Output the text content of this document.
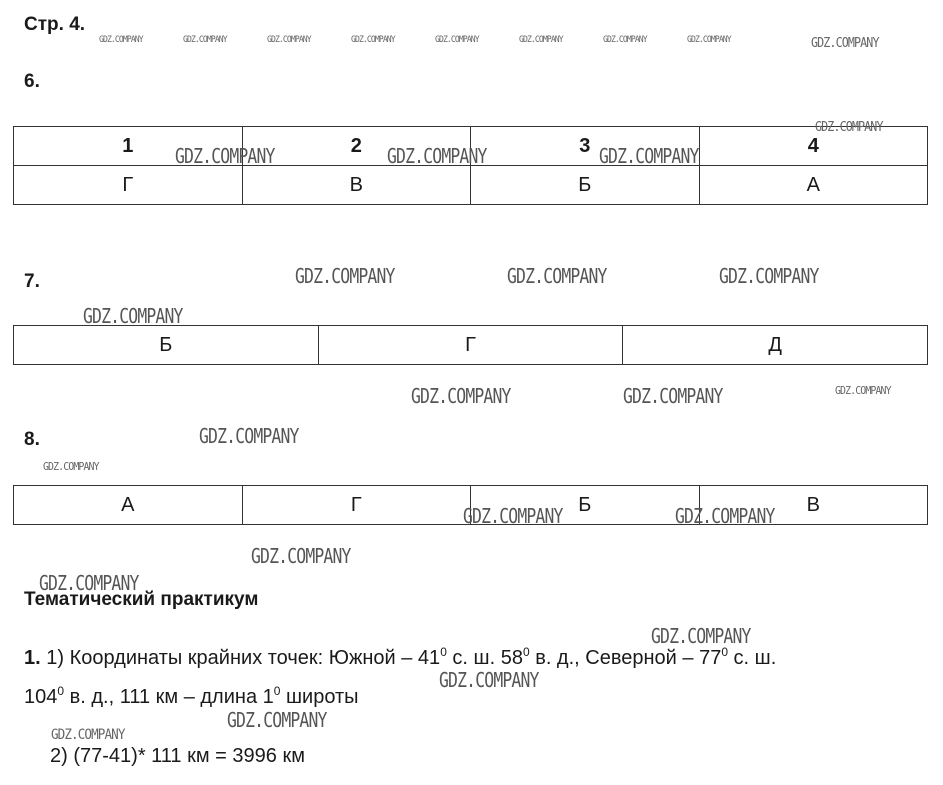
Стр. 4.
6.
1	2	3	4
Г	В	Б	А
7.
Б	Г	Д
8.
А	Г	Б	В
Тематический практикум
1. 1) Координаты крайних точек: Южной – $41^0$ с. ш. $58^0$ в. д., Северной – $77^0$ с. ш.
$104^0$ в. д., 111 км – длина $1^0$ широты
2) (77-41)* 111 км = 3996 км
GDZ.COMPANY	GDZ.COMPANY	GDZ.COMPANY	GDZ.COMPANY	GDZ.COMPANY	GDZ.COMPANY	GDZ.COMPANY	GDZ.COMPANY	GDZ.COMPANY
GDZ.COMPANY
GDZ.COMPANY	GDZ.COMPANY	GDZ.COMPANY
GDZ.COMPANY	GDZ.COMPANY	GDZ.COMPANY
GDZ.COMPANY
GDZ.COMPANY	GDZ.COMPANY	GDZ.COMPANY
GDZ.COMPANY
GDZ.COMPANY
GDZ.COMPANY	GDZ.COMPANY
GDZ.COMPANY
GDZ.COMPANY
GDZ.COMPANY
GDZ.COMPANY
GDZ.COMPANY
GDZ.COMPANY
